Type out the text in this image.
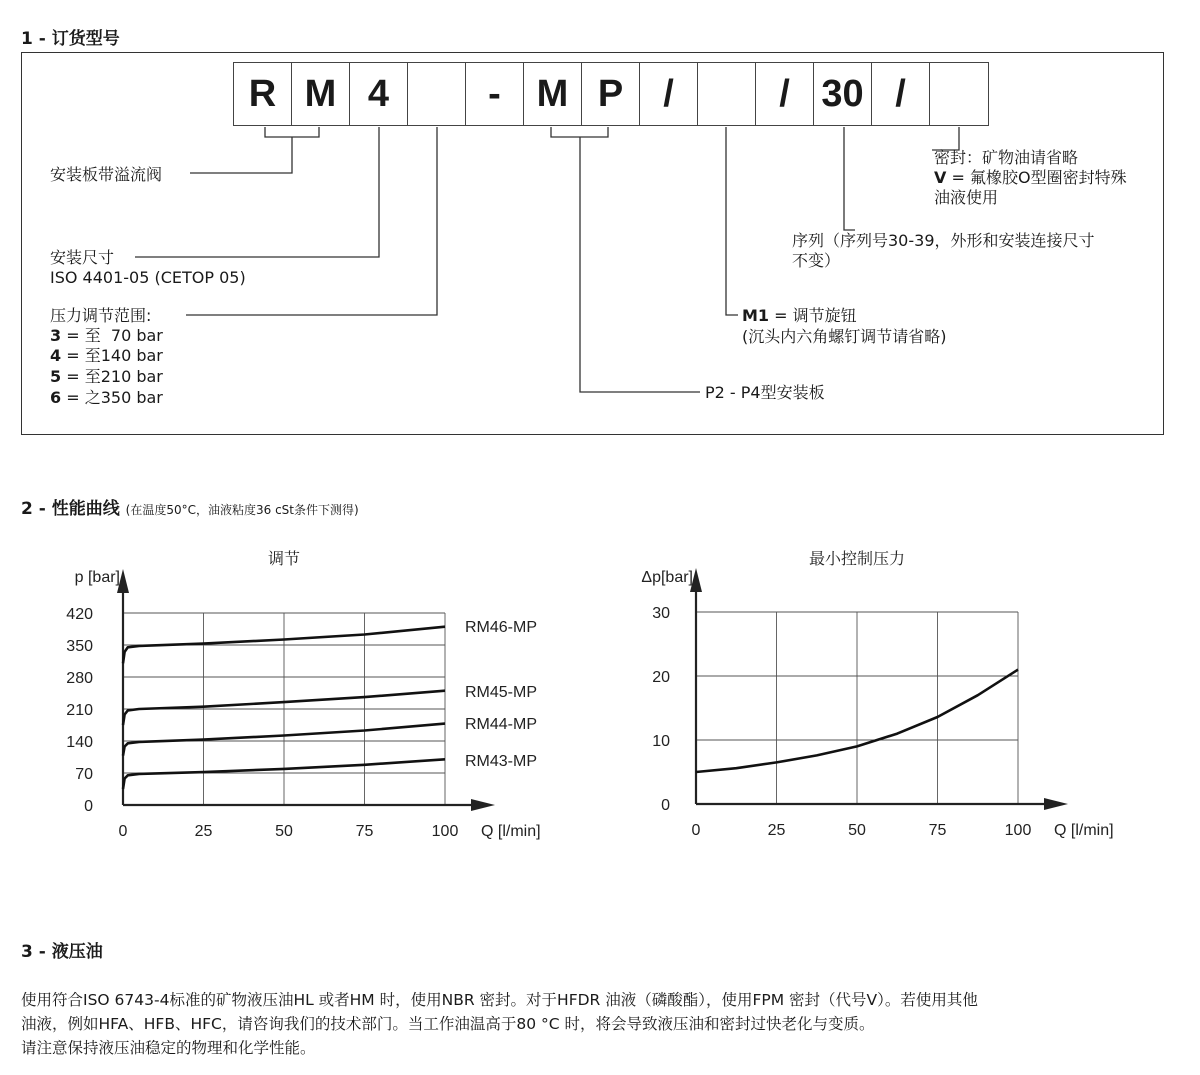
1 - 订货型号
R M 4	- M P	/	/ 30 /
安装板带溢流阀
安装尺寸
ISO 4401-05 (CETOP 05)
压力调节范围:
3 = 至  70 bar
4 = 至140 bar
5 = 至210 bar
6 = 之350 bar	P2 - P4型安装板
M1 = 调节旋钮
(沉头内六角螺钉调节请省略)
序列（序列号30-39，外形和安装连接尺寸
不变）
密封：矿物油请省略
V = 氟橡胶O型圈密封特殊
油液使用
2 - 性能曲线 (在温度50°C，油液粘度36 cSt条件下测得)
0	25	50	75	100
0
70
140
210
280
350
420
调节
p [bar]
Q [l/min]
RM46-MP
RM45-MP
RM44-MP
RM43-MP
0	25	50	75	100
0
10
20
30
最小控制压力
Δp[bar]
Q [l/min]
3 - 液压油
使用符合ISO 6743-4标准的矿物液压油HL 或者HM 时，使用NBR 密封。对于HFDR 油液（磷酸酯），使用FPM 密封（代号V）。若使用其他
油液，例如HFA、HFB、HFC，请咨询我们的技术部门。当工作油温高于80 °C 时，将会导致液压油和密封过快老化与变质。
请注意保持液压油稳定的物理和化学性能。
